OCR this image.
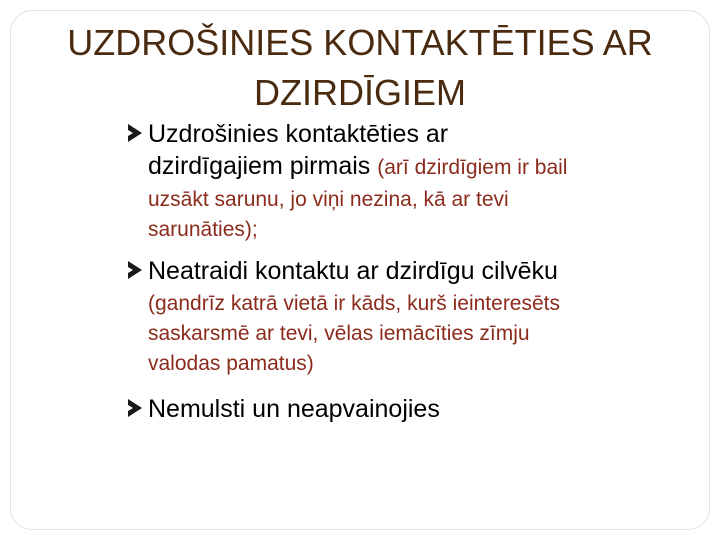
UZDROŠINIES KONTAKTĒTIES AR
DZIRDĪGIEM
Uzdrošinies kontaktēties ar
dzirdīgajiem pirmais (arī dzirdīgiem ir bail
uzsākt sarunu, jo viņi nezina, kā ar tevi
sarunāties);
Neatraidi kontaktu ar dzirdīgu cilvēku
(gandrīz katrā vietā ir kāds, kurš ieinteresēts
saskarsmē ar tevi, vēlas iemācīties zīmju
valodas pamatus)
Nemulsti un neapvainojies
